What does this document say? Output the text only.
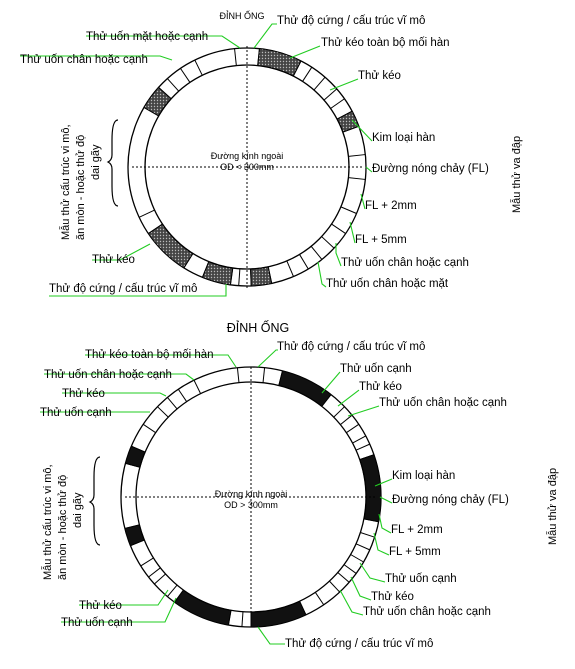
ĐỈNH ỐNG
Đường kính ngoài
OD < 300mm
Thử uốn mặt hoặc cạnh
Thử độ cứng / cấu trúc vĩ mô
Thử kéo toàn bộ mối hàn
Thử uốn chân hoặc cạnh
Thử kéo
Kim loại hàn
Đường nóng chảy (FL)
FL + 2mm
FL + 5mm
Thử uốn chân hoặc cạnh
Thử uốn chân hoặc mặt
Thử kéo
Thử độ cứng / cấu trúc vĩ mô
Mẫu thử va đập
Mẫu thử cấu trúc vi mô, ăn mòn - hoặc thử độ dai gãy
ĐỈNH ỐNG
Đường kính ngoài
OD > 300mm
Thử độ cứng / cấu trúc vĩ mô
Thử kéo toàn bộ mối hàn
Thử uốn chân hoặc cạnh
Thử kéo
Thử uốn cạnh
Thử uốn cạnh
Thử kéo
Thử uốn chân hoặc cạnh
Kim loại hàn
Đường nóng chảy (FL)
FL + 2mm
FL + 5mm
Thử uốn cạnh
Thử kéo
Thử uốn chân hoặc cạnh
Thử kéo
Thử uốn cạnh
Thử độ cứng / cấu trúc vĩ mô
Mẫu thử va đập
Mẫu thử cấu trúc vi mô, ăn mòn - hoặc thử độ dai gãy
